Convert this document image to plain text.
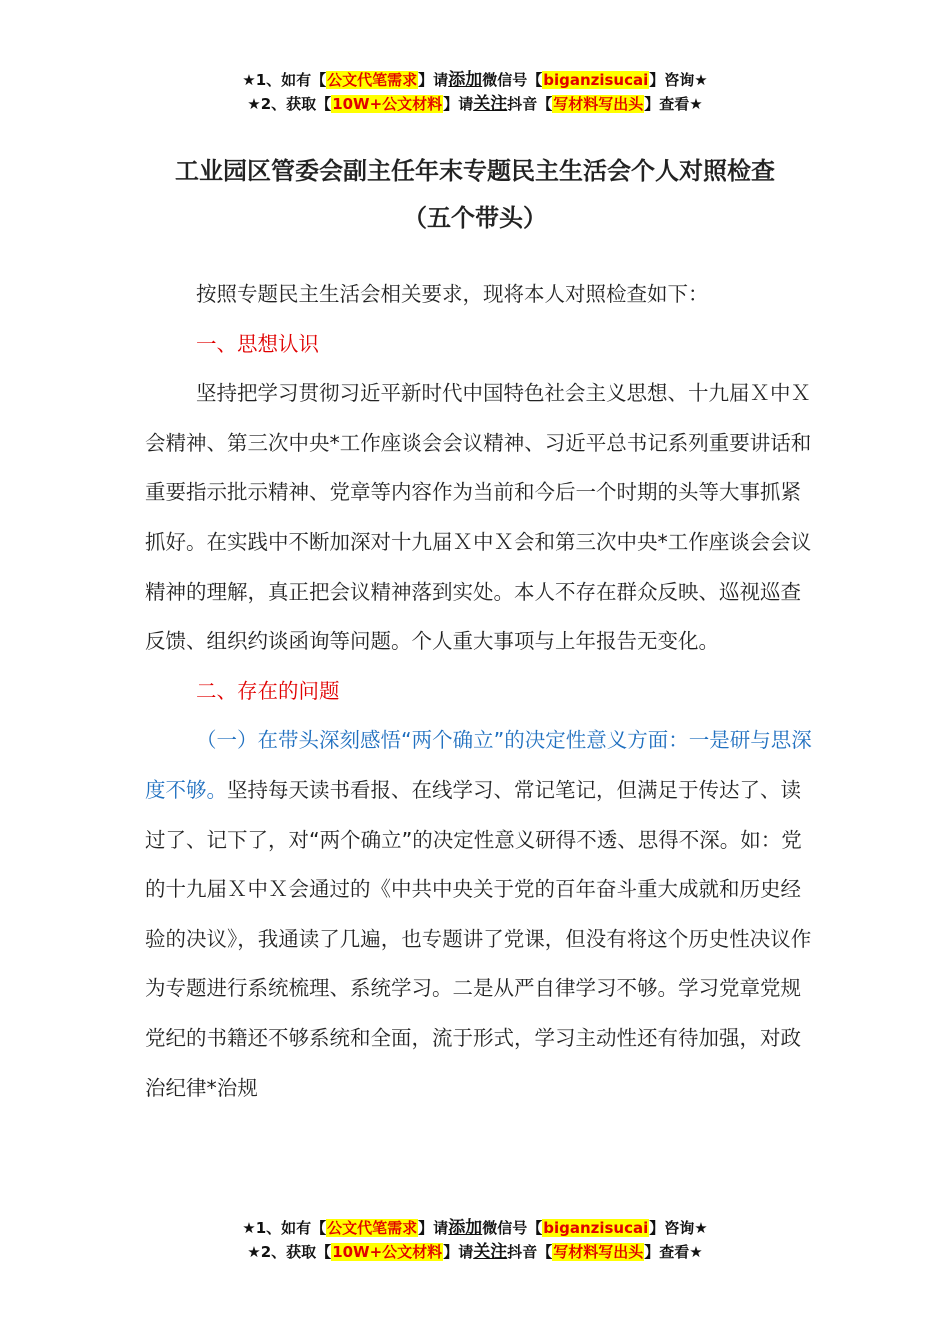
★1、如有【公文代笔需求】请添加微信号【biganzisucai】咨询★
★2、获取【10W+公文材料】请关注抖音【写材料写出头】查看★
工业园区管委会副主任年末专题民主生活会个人对照检查
（五个带头）

按照专题民主生活会相关要求，现将本人对照检查如下：

一、思想认识

坚持把学习贯彻习近平新时代中国特色社会主义思想、十九届Ｘ中Ｘ会精神、第三次中央*工作座谈会会议精神、习近平总书记系列重要讲话和重要指示批示精神、党章等内容作为当前和今后一个时期的头等大事抓紧抓好。在实践中不断加深对十九届Ｘ中Ｘ会和第三次中央*工作座谈会会议精神的理解，真正把会议精神落到实处。本人不存在群众反映、巡视巡查反馈、组织约谈函询等问题。个人重大事项与上年报告无变化。

二、存在的问题

（一）在带头深刻感悟“两个确立”的决定性意义方面：一是研与思深度不够。坚持每天读书看报、在线学习、常记笔记，但满足于传达了、读过了、记下了，对“两个确立”的决定性意义研得不透、思得不深。如：党的十九届Ｘ中Ｘ会通过的《中共中央关于党的百年奋斗重大成就和历史经验的决议》，我通读了几遍，也专题讲了党课，但没有将这个历史性决议作为专题进行系统梳理、系统学习。二是从严自律学习不够。学习党章党规党纪的书籍还不够系统和全面，流于形式，学习主动性还有待加强，对政治纪律*治规

★1、如有【公文代笔需求】请添加微信号【biganzisucai】咨询★
★2、获取【10W+公文材料】请关注抖音【写材料写出头】查看★
